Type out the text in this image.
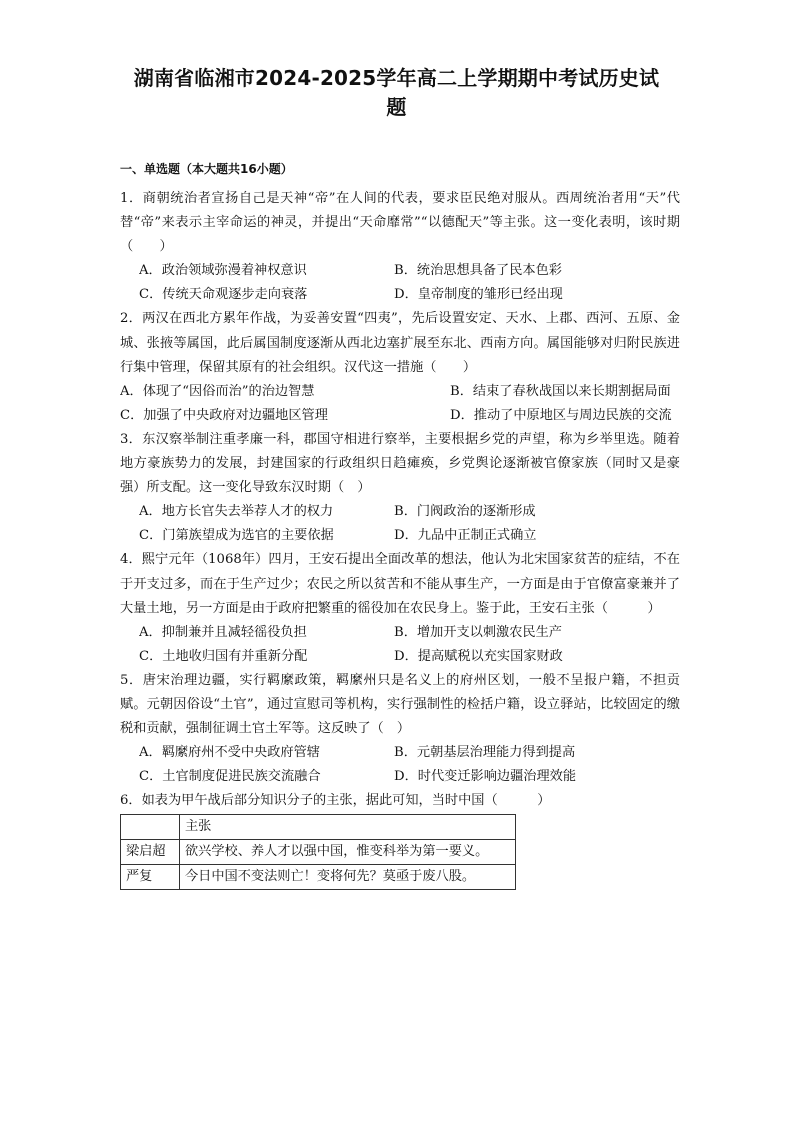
湖南省临湘市2024-2025学年高二上学期期中考试历史试
题
一、单选题（本大题共16小题）

1．商朝统治者宣扬自己是天神“帝”在人间的代表，要求臣民绝对服从。西周统治者用“天”代替“帝”来表示主宰命运的神灵，并提出“天命靡常”“以德配天”等主张。这一变化表明，该时期（　　）

A．政治领域弥漫着神权意识	B．统治思想具备了民本色彩
C．传统天命观逐步走向衰落	D．皇帝制度的雏形已经出现

2．两汉在西北方累年作战，为妥善安置“四夷”，先后设置安定、天水、上郡、西河、五原、金城、张掖等属国，此后属国制度逐渐从西北边塞扩展至东北、西南方向。属国能够对归附民族进行集中管理，保留其原有的社会组织。汉代这一措施（　　）

A．体现了“因俗而治”的治边智慧	B．结束了春秋战国以来长期割据局面
C．加强了中央政府对边疆地区管理	D．推动了中原地区与周边民族的交流

3．东汉察举制注重孝廉一科，郡国守相进行察举，主要根据乡党的声望，称为乡举里选。随着地方豪族势力的发展，封建国家的行政组织日趋瘫痪，乡党舆论逐渐被官僚家族（同时又是豪强）所支配。这一变化导致东汉时期（　）

A．地方长官失去举荐人才的权力	B．门阀政治的逐渐形成
C．门第族望成为选官的主要依据	D．九品中正制正式确立

4．熙宁元年（1068年）四月，王安石提出全面改革的想法，他认为北宋国家贫苦的症结，不在于开支过多，而在于生产过少；农民之所以贫苦和不能从事生产，一方面是由于官僚富豪兼并了大量土地，另一方面是由于政府把繁重的徭役加在农民身上。鉴于此，王安石主张（　　　）

A．抑制兼并且减轻徭役负担	B．增加开支以刺激农民生产
C．土地收归国有并重新分配	D．提高赋税以充实国家财政

5．唐宋治理边疆，实行羁縻政策，羁縻州只是名义上的府州区划，一般不呈报户籍，不担贡赋。元朝因俗设“土官”，通过宣慰司等机构，实行强制性的检括户籍，设立驿站，比较固定的缴税和贡献，强制征调土官土军等。这反映了（　）

A．羁縻府州不受中央政府管辖	B．元朝基层治理能力得到提高
C．土官制度促进民族交流融合	D．时代变迁影响边疆治理效能

6．如表为甲午战后部分知识分子的主张，据此可知，当时中国（　　　）

	主张
梁启超	欲兴学校、养人才以强中国，惟变科举为第一要义。
严复	今日中国不变法则亡！变将何先？莫亟于废八股。
